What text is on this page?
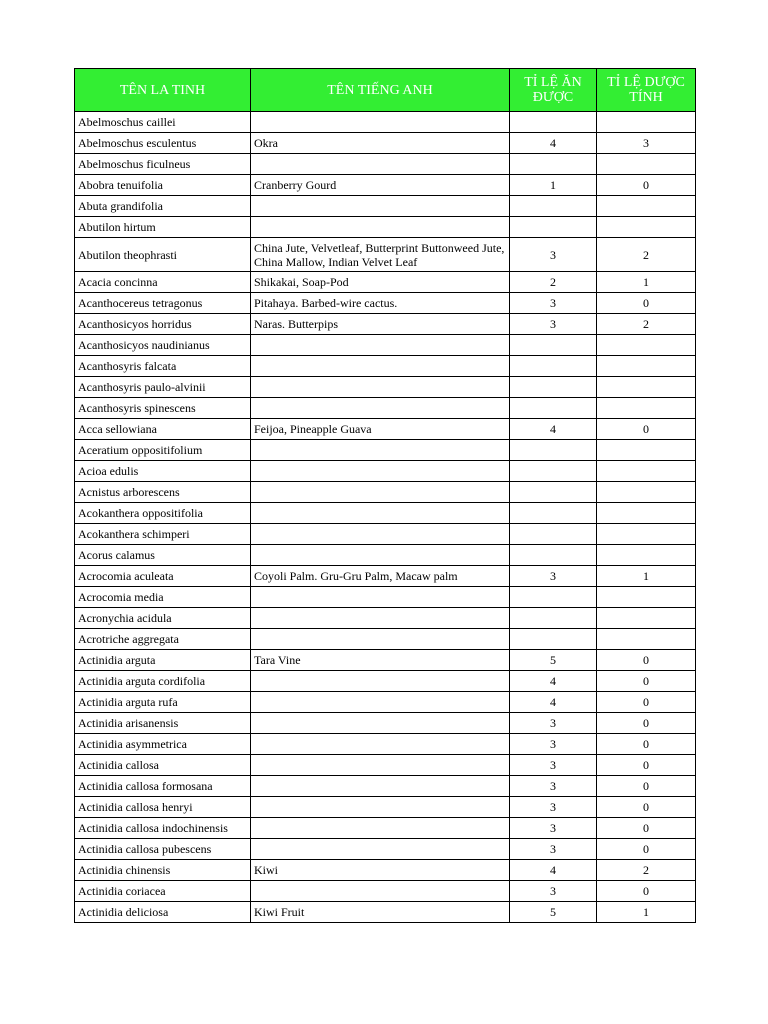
TÊN LA TINH	TÊN TIẾNG ANH	TỈ LỆ ĂN ĐƯỢC	TỈ LỆ DƯỢC TÍNH
Abelmoschus caillei			
Abelmoschus esculentus	Okra	4	3
Abelmoschus ficulneus			
Abobra tenuifolia	Cranberry Gourd	1	0
Abuta grandifolia			
Abutilon hirtum			
Abutilon theophrasti	China Jute, Velvetleaf, Butterprint Buttonweed Jute, China Mallow, Indian Velvet Leaf	3	2
Acacia concinna	Shikakai, Soap-Pod	2	1
Acanthocereus tetragonus	Pitahaya. Barbed-wire cactus.	3	0
Acanthosicyos horridus	Naras. Butterpips	3	2
Acanthosicyos naudinianus			
Acanthosyris falcata			
Acanthosyris paulo-alvinii			
Acanthosyris spinescens			
Acca sellowiana	Feijoa, Pineapple Guava	4	0
Aceratium oppositifolium			
Acioa edulis			
Acnistus arborescens			
Acokanthera oppositifolia			
Acokanthera schimperi			
Acorus calamus			
Acrocomia aculeata	Coyoli Palm. Gru-Gru Palm, Macaw palm	3	1
Acrocomia media			
Acronychia acidula			
Acrotriche aggregata			
Actinidia arguta	Tara Vine	5	0
Actinidia arguta cordifolia		4	0
Actinidia arguta rufa		4	0
Actinidia arisanensis		3	0
Actinidia asymmetrica		3	0
Actinidia callosa		3	0
Actinidia callosa formosana		3	0
Actinidia callosa henryi		3	0
Actinidia callosa indochinensis		3	0
Actinidia callosa pubescens		3	0
Actinidia chinensis	Kiwi	4	2
Actinidia coriacea		3	0
Actinidia deliciosa	Kiwi Fruit	5	1
